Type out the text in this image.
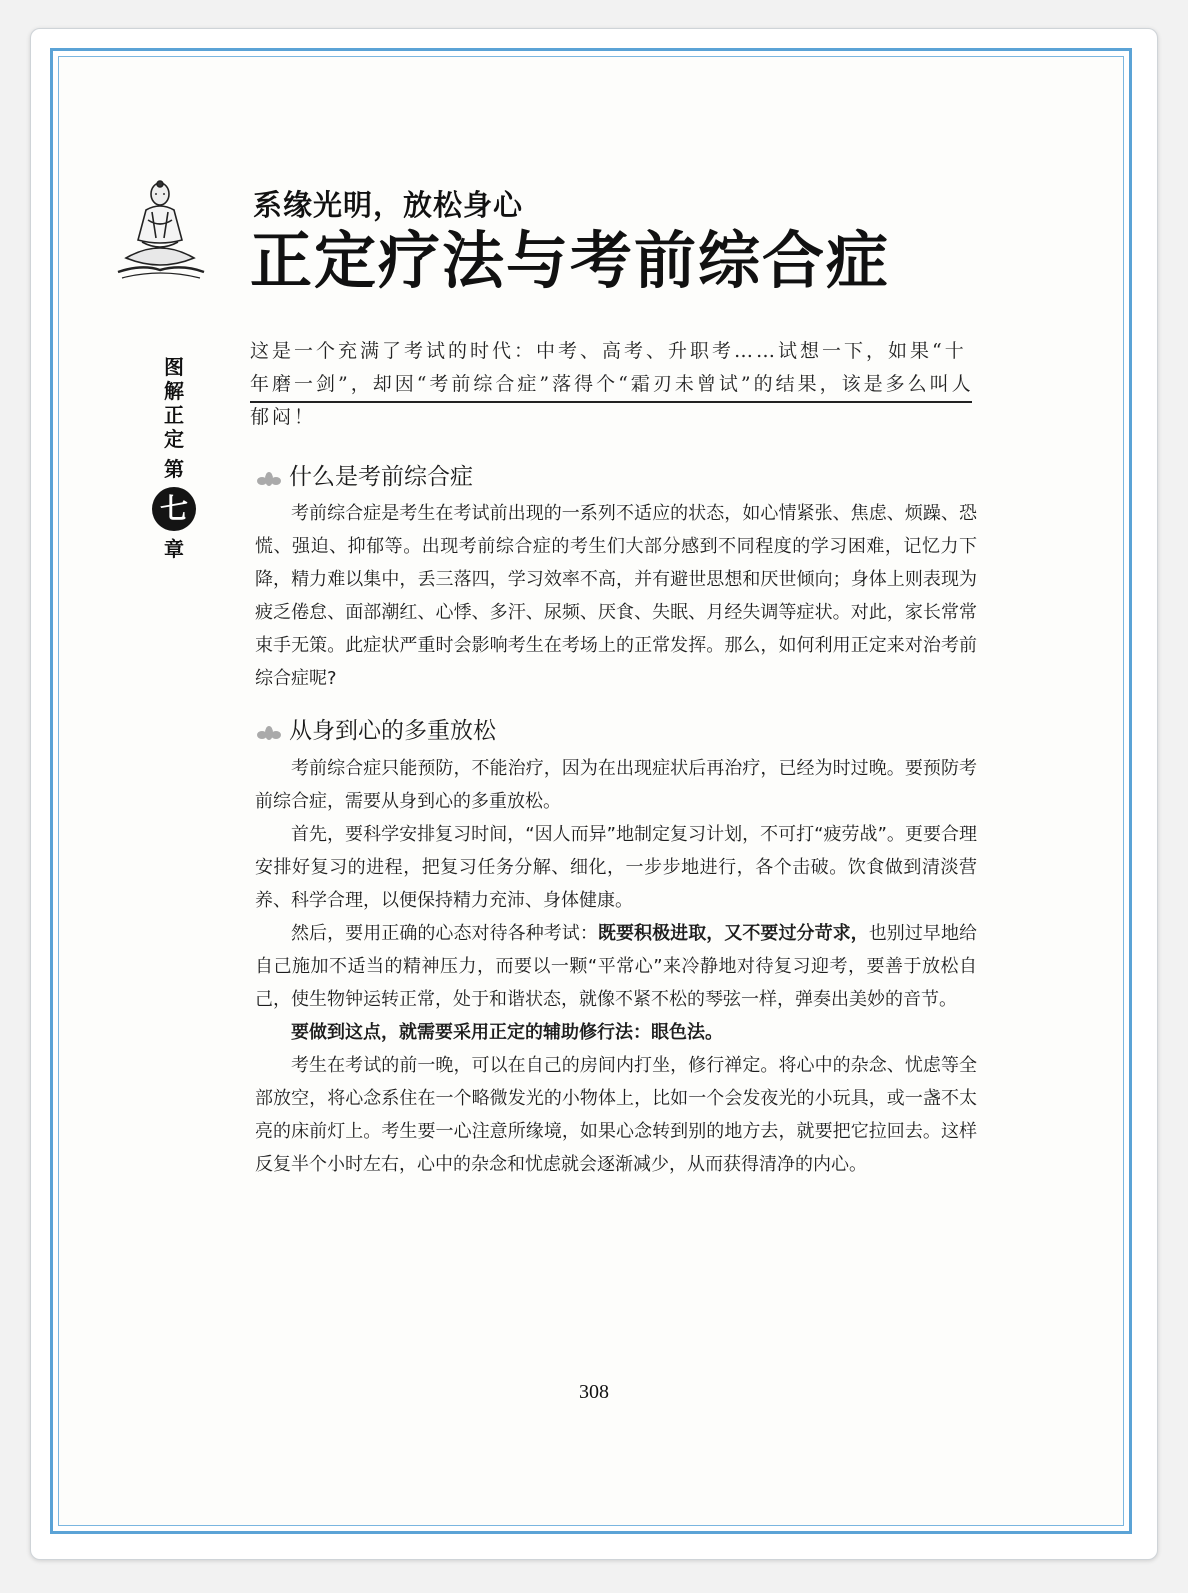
系缘光明，放松身心
正定疗法与考前综合症
这是一个充满了考试的时代：中考、高考、升职考……试想一下，如果“十年磨一剑”，却因“考前综合症”落得个“霜刃未曾试”的结果，该是多么叫人郁闷！
图
解
正
定
第
七
章
什么是考前综合症

考前综合症是考生在考试前出现的一系列不适应的状态，如心情紧张、焦虑、烦躁、恐慌、强迫、抑郁等。出现考前综合症的考生们大部分感到不同程度的学习困难，记忆力下降，精力难以集中，丢三落四，学习效率不高，并有避世思想和厌世倾向；身体上则表现为疲乏倦怠、面部潮红、心悸、多汗、尿频、厌食、失眠、月经失调等症状。对此，家长常常束手无策。此症状严重时会影响考生在考场上的正常发挥。那么，如何利用正定来对治考前综合症呢?

从身到心的多重放松

考前综合症只能预防，不能治疗，因为在出现症状后再治疗，已经为时过晚。要预防考前综合症，需要从身到心的多重放松。

首先，要科学安排复习时间，“因人而异”地制定复习计划，不可打“疲劳战”。更要合理安排好复习的进程，把复习任务分解、细化，一步步地进行，各个击破。饮食做到清淡营养、科学合理，以便保持精力充沛、身体健康。

然后，要用正确的心态对待各种考试：既要积极进取，又不要过分苛求，也别过早地给自己施加不适当的精神压力，而要以一颗“平常心”来冷静地对待复习迎考，要善于放松自己，使生物钟运转正常，处于和谐状态，就像不紧不松的琴弦一样，弹奏出美妙的音节。

要做到这点，就需要采用正定的辅助修行法：眼色法。

考生在考试的前一晚，可以在自己的房间内打坐，修行禅定。将心中的杂念、忧虑等全部放空，将心念系住在一个略微发光的小物体上，比如一个会发夜光的小玩具，或一盏不太亮的床前灯上。考生要一心注意所缘境，如果心念转到别的地方去，就要把它拉回去。这样反复半个小时左右，心中的杂念和忧虑就会逐渐减少，从而获得清净的内心。

308
